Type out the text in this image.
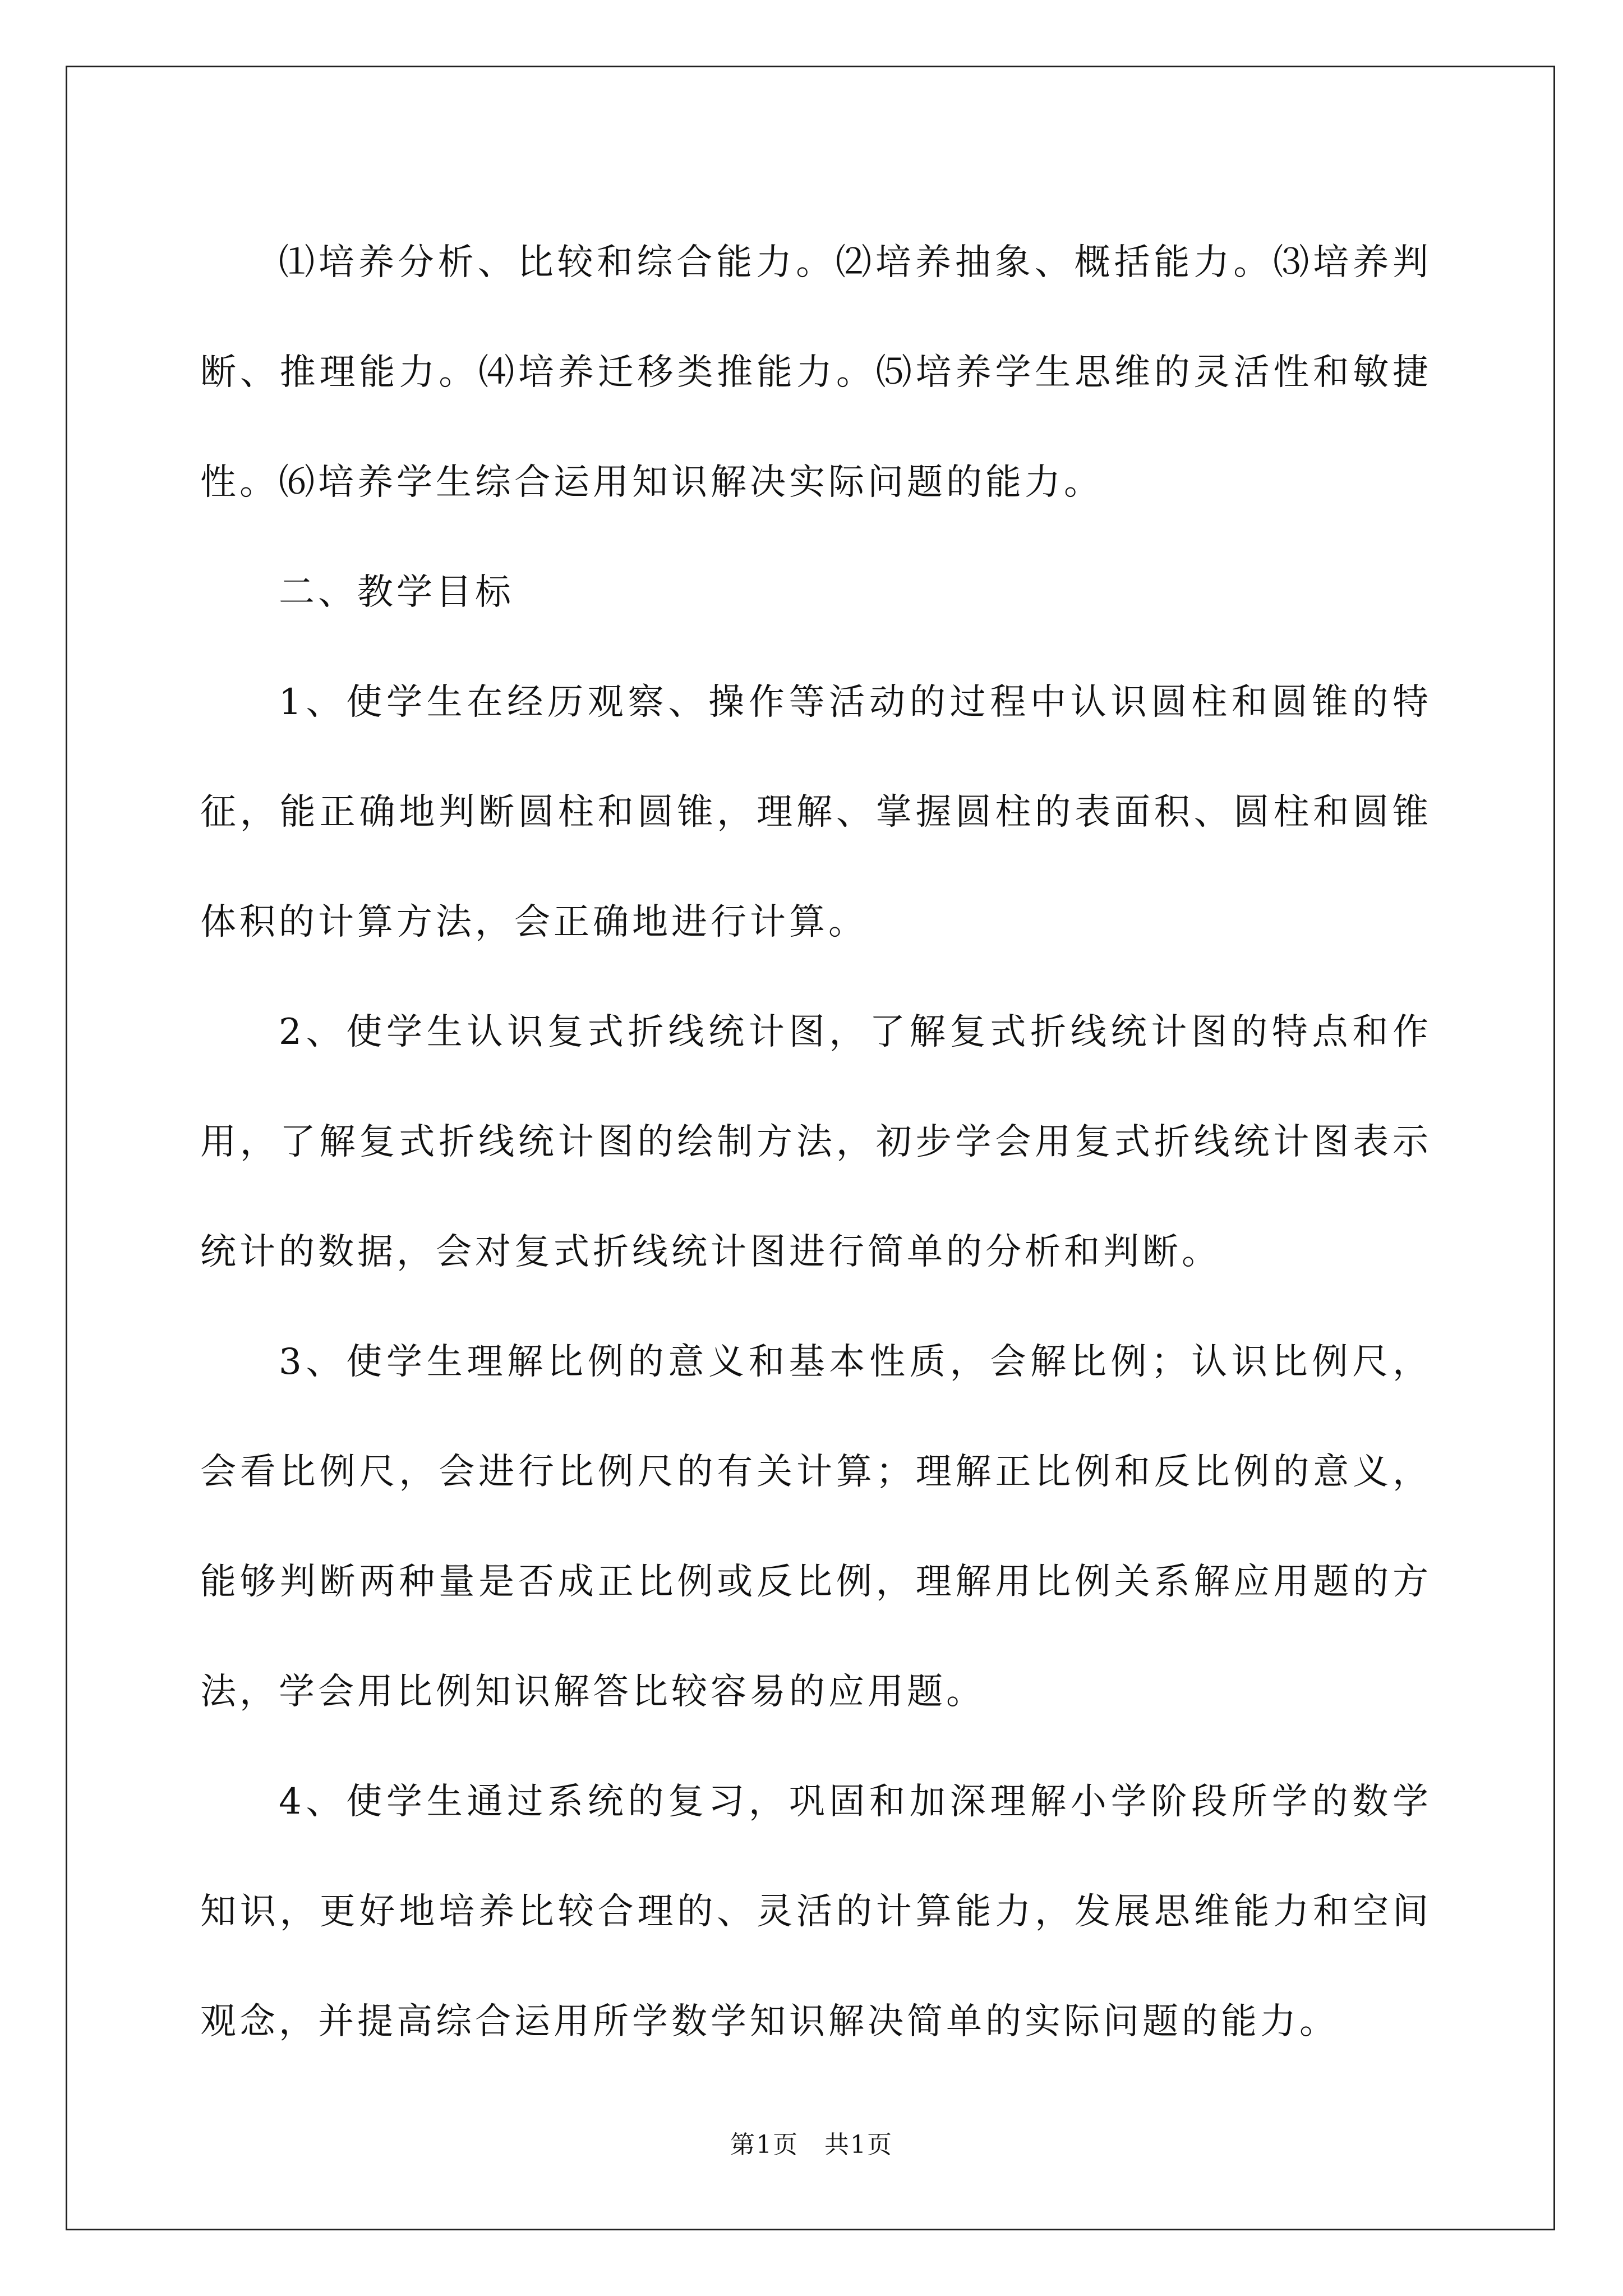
⑴培养分析、比较和综合能力。⑵培养抽象、概括能力。⑶培养判断、推理能力。⑷培养迁移类推能力。⑸培养学生思维的灵活性和敏捷性。⑹培养学生综合运用知识解决实际问题的能力。

二、教学目标

1、使学生在经历观察、操作等活动的过程中认识圆柱和圆锥的特征，能正确地判断圆柱和圆锥，理解、掌握圆柱的表面积、圆柱和圆锥体积的计算方法，会正确地进行计算。

2、使学生认识复式折线统计图，了解复式折线统计图的特点和作用，了解复式折线统计图的绘制方法，初步学会用复式折线统计图表示统计的数据，会对复式折线统计图进行简单的分析和判断。

3、使学生理解比例的意义和基本性质，会解比例；认识比例尺，会看比例尺，会进行比例尺的有关计算；理解正比例和反比例的意义，能够判断两种量是否成正比例或反比例，理解用比例关系解应用题的方法，学会用比例知识解答比较容易的应用题。

4、使学生通过系统的复习，巩固和加深理解小学阶段所学的数学知识，更好地培养比较合理的、灵活的计算能力，发展思维能力和空间观念，并提高综合运用所学数学知识解决简单的实际问题的能力。

第1页　共1页
